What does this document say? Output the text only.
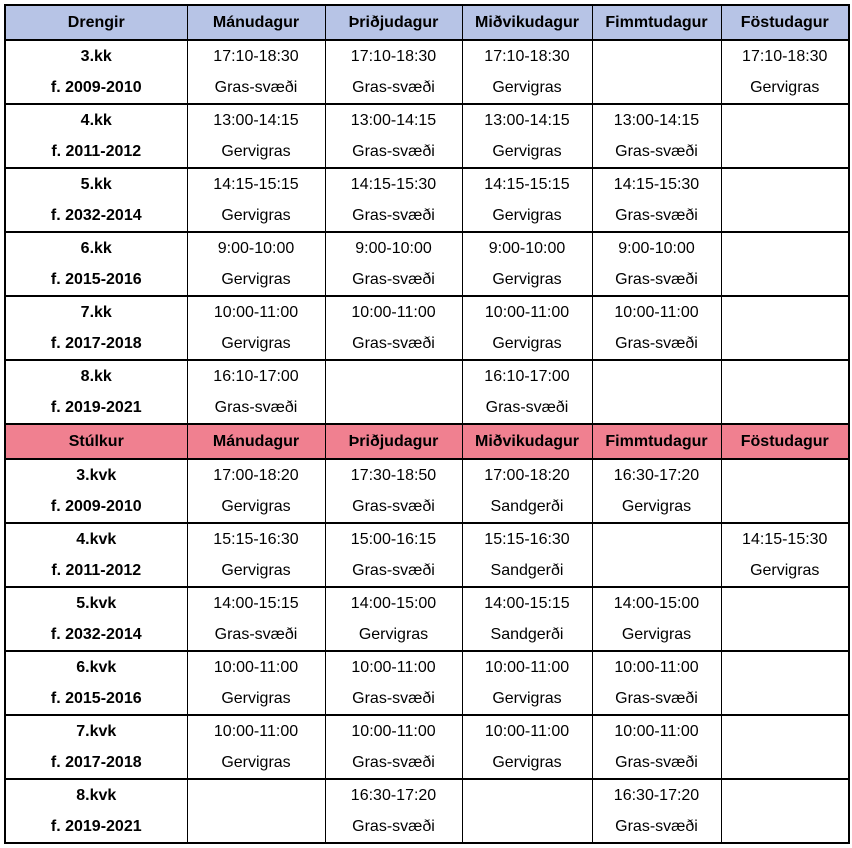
Drengir	Mánudagur	Þriðjudagur	Miðvikudagur	Fimmtudagur	Föstudagur
3.kk	17:10-18:30	17:10-18:30	17:10-18:30		17:10-18:30
f. 2009-2010	Gras-svæði	Gras-svæði	Gervigras		Gervigras
4.kk	13:00-14:15	13:00-14:15	13:00-14:15	13:00-14:15	
f. 2011-2012	Gervigras	Gras-svæði	Gervigras	Gras-svæði	
5.kk	14:15-15:15	14:15-15:30	14:15-15:15	14:15-15:30	
f. 2032-2014	Gervigras	Gras-svæði	Gervigras	Gras-svæði	
6.kk	9:00-10:00	9:00-10:00	9:00-10:00	9:00-10:00	
f. 2015-2016	Gervigras	Gras-svæði	Gervigras	Gras-svæði	
7.kk	10:00-11:00	10:00-11:00	10:00-11:00	10:00-11:00	
f. 2017-2018	Gervigras	Gras-svæði	Gervigras	Gras-svæði	
8.kk	16:10-17:00		16:10-17:00		
f. 2019-2021	Gras-svæði		Gras-svæði		
Stúlkur	Mánudagur	Þriðjudagur	Miðvikudagur	Fimmtudagur	Föstudagur
3.kvk	17:00-18:20	17:30-18:50	17:00-18:20	16:30-17:20	
f. 2009-2010	Gervigras	Gras-svæði	Sandgerði	Gervigras	
4.kvk	15:15-16:30	15:00-16:15	15:15-16:30		14:15-15:30
f. 2011-2012	Gervigras	Gras-svæði	Sandgerði		Gervigras
5.kvk	14:00-15:15	14:00-15:00	14:00-15:15	14:00-15:00	
f. 2032-2014	Gras-svæði	Gervigras	Sandgerði	Gervigras	
6.kvk	10:00-11:00	10:00-11:00	10:00-11:00	10:00-11:00	
f. 2015-2016	Gervigras	Gras-svæði	Gervigras	Gras-svæði	
7.kvk	10:00-11:00	10:00-11:00	10:00-11:00	10:00-11:00	
f. 2017-2018	Gervigras	Gras-svæði	Gervigras	Gras-svæði	
8.kvk		16:30-17:20		16:30-17:20	
f. 2019-2021		Gras-svæði		Gras-svæði	
